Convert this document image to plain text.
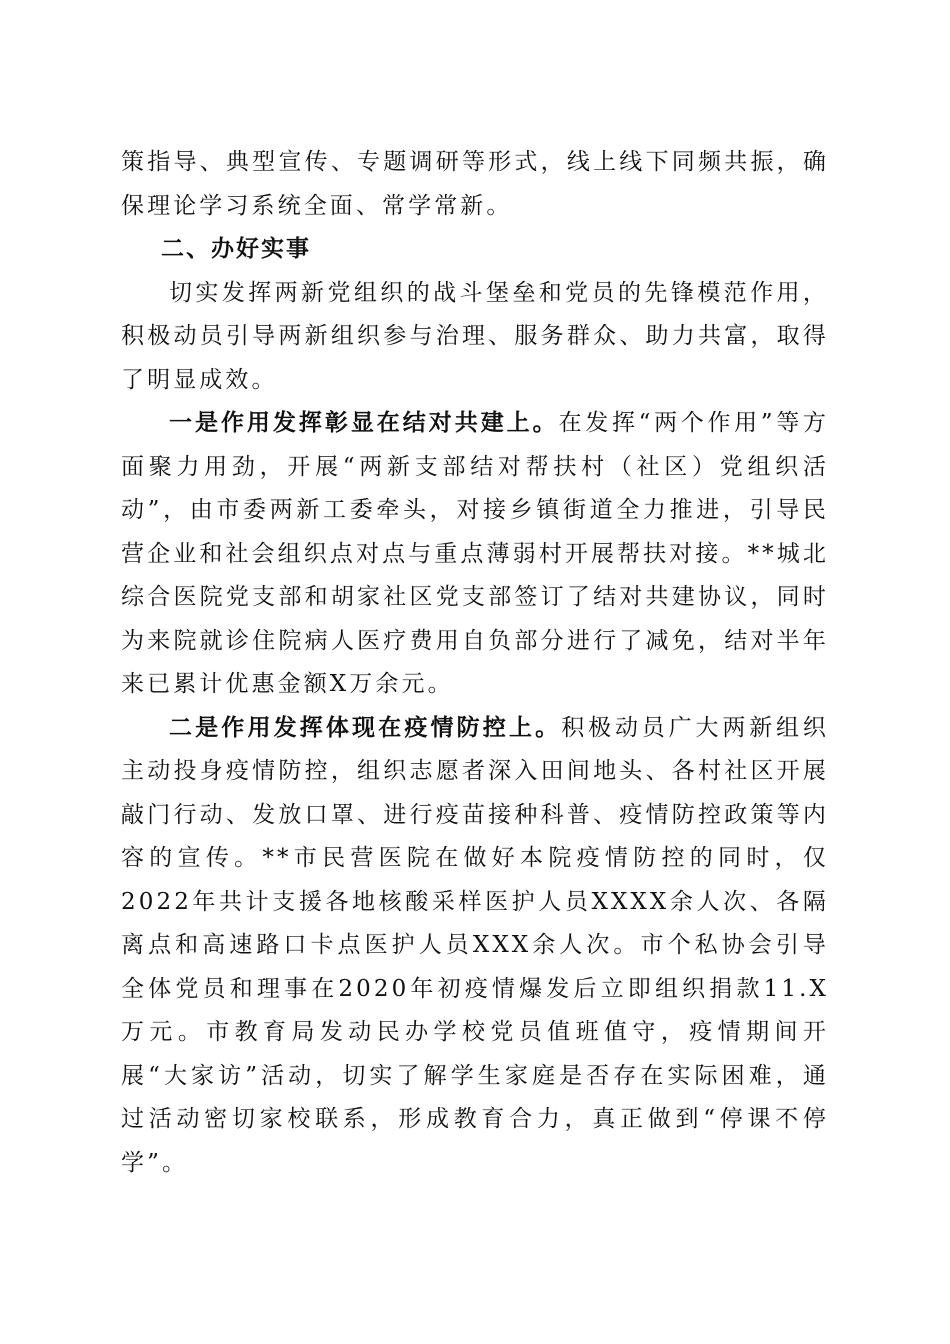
策指导、典型宣传、专题调研等形式，线上线下同频共振，确保理论学习系统全面、常学常新。

二、办好实事

切实发挥两新党组织的战斗堡垒和党员的先锋模范作用，积极动员引导两新组织参与治理、服务群众、助力共富，取得了明显成效。

一是作用发挥彰显在结对共建上。在发挥“两个作用”等方面聚力用劲，开展“两新支部结对帮扶村（社区）党组织活动”，由市委两新工委牵头，对接乡镇街道全力推进，引导民营企业和社会组织点对点与重点薄弱村开展帮扶对接。**城北综合医院党支部和胡家社区党支部签订了结对共建协议，同时为来院就诊住院病人医疗费用自负部分进行了减免，结对半年来已累计优惠金额X万余元。

二是作用发挥体现在疫情防控上。积极动员广大两新组织主动投身疫情防控，组织志愿者深入田间地头、各村社区开展敲门行动、发放口罩、进行疫苗接种科普、疫情防控政策等内容的宣传。**市民营医院在做好本院疫情防控的同时，仅2022年共计支援各地核酸采样医护人员XXXX余人次、各隔离点和高速路口卡点医护人员XXX余人次。市个私协会引导全体党员和理事在2020年初疫情爆发后立即组织捐款11.X万元。市教育局发动民办学校党员值班值守，疫情期间开展“大家访”活动，切实了解学生家庭是否存在实际困难，通过活动密切家校联系，形成教育合力，真正做到“停课不停学”。
